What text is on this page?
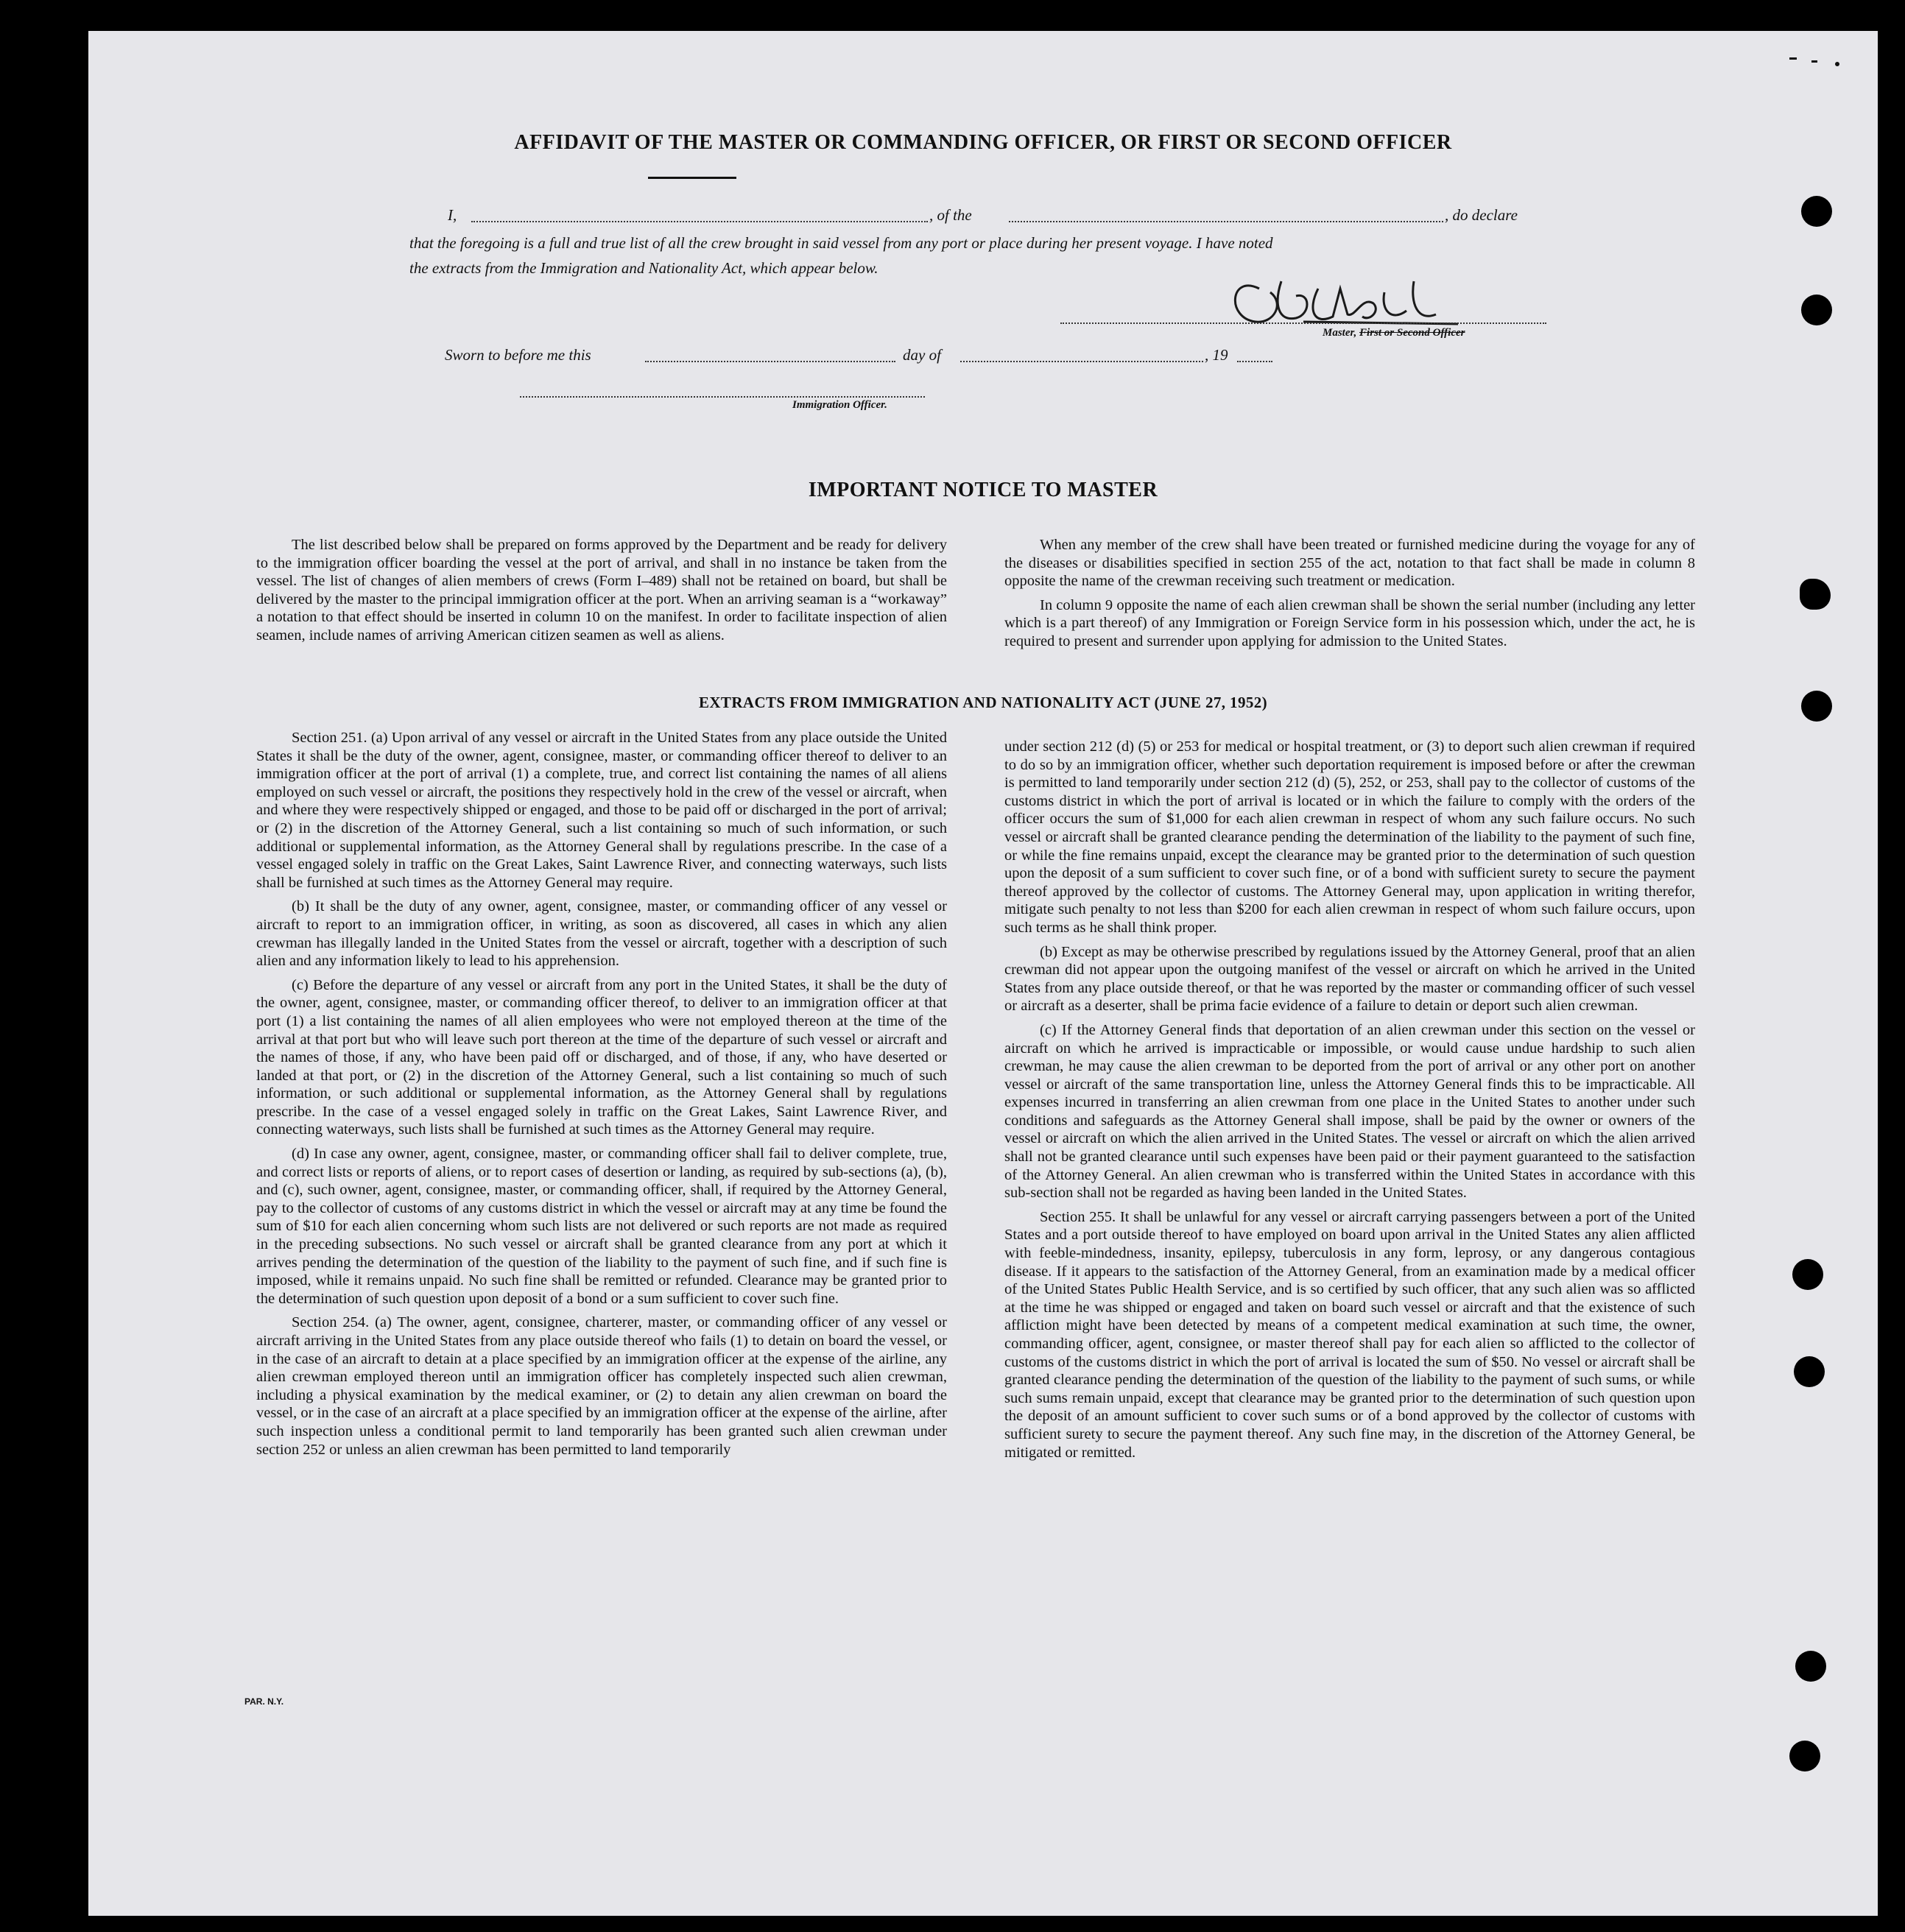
AFFIDAVIT OF THE MASTER OR COMMANDING OFFICER, OR FIRST OR SECOND OFFICER
I,	, of the	, do declare
that the foregoing is a full and true list of all the crew brought in said vessel from any port or place during her present voyage. I have noted
the extracts from the Immigration and Nationality Act, which appear below.
Master, First or Second Officer
Sworn to before me this	day of	, 19
Immigration Officer.
IMPORTANT NOTICE TO MASTER

The list described below shall be prepared on forms approved by the Department and be ready for delivery to the immigration officer boarding the vessel at the port of arrival, and shall in no instance be taken from the vessel. The list of changes of alien members of crews (Form I–489) shall not be retained on board, but shall be delivered by the master to the principal immigration officer at the port. When an arriving seaman is a “workaway” a notation to that effect should be inserted in column 10 on the manifest. In order to facilitate inspection of alien seamen, include names of arriving American citizen seamen as well as aliens.

When any member of the crew shall have been treated or furnished medicine during the voyage for any of the diseases or disabilities specified in section 255 of the act, notation to that fact shall be made in column 8 opposite the name of the crewman receiving such treatment or medication.

In column 9 opposite the name of each alien crewman shall be shown the serial number (including any letter which is a part thereof) of any Immigration or Foreign Service form in his possession which, under the act, he is required to present and surrender upon applying for admission to the United States.

EXTRACTS FROM IMMIGRATION AND NATIONALITY ACT (JUNE 27, 1952)

Section 251. (a) Upon arrival of any vessel or aircraft in the United States from any place outside the United States it shall be the duty of the owner, agent, consignee, master, or commanding officer thereof to deliver to an immigration officer at the port of arrival (1) a complete, true, and correct list containing the names of all aliens employed on such vessel or aircraft, the positions they respectively hold in the crew of the vessel or aircraft, when and where they were respectively shipped or engaged, and those to be paid off or discharged in the port of arrival; or (2) in the discretion of the Attorney General, such a list containing so much of such information, or such additional or supplemental information, as the Attorney General shall by regulations prescribe. In the case of a vessel engaged solely in traffic on the Great Lakes, Saint Lawrence River, and connecting waterways, such lists shall be furnished at such times as the Attorney General may require.

(b) It shall be the duty of any owner, agent, consignee, master, or commanding officer of any vessel or aircraft to report to an immigration officer, in writing, as soon as discovered, all cases in which any alien crewman has illegally landed in the United States from the vessel or aircraft, together with a description of such alien and any information likely to lead to his apprehension.

(c) Before the departure of any vessel or aircraft from any port in the United States, it shall be the duty of the owner, agent, consignee, master, or commanding officer thereof, to deliver to an immigration officer at that port (1) a list containing the names of all alien employees who were not employed thereon at the time of the arrival at that port but who will leave such port thereon at the time of the departure of such vessel or aircraft and the names of those, if any, who have been paid off or discharged, and of those, if any, who have deserted or landed at that port, or (2) in the discretion of the Attorney General, such a list containing so much of such information, or such additional or supplemental information, as the Attorney General shall by regulations prescribe. In the case of a vessel engaged solely in traffic on the Great Lakes, Saint Lawrence River, and connecting waterways, such lists shall be furnished at such times as the Attorney General may require.

(d) In case any owner, agent, consignee, master, or commanding officer shall fail to deliver complete, true, and correct lists or reports of aliens, or to report cases of desertion or landing, as required by sub-sections (a), (b), and (c), such owner, agent, consignee, master, or commanding officer, shall, if required by the Attorney General, pay to the collector of customs of any customs district in which the vessel or aircraft may at any time be found the sum of $10 for each alien concerning whom such lists are not delivered or such reports are not made as required in the preceding subsections. No such vessel or aircraft shall be granted clearance from any port at which it arrives pending the determination of the question of the liability to the payment of such fine, and if such fine is imposed, while it remains unpaid. No such fine shall be remitted or refunded. Clearance may be granted prior to the determination of such question upon deposit of a bond or a sum sufficient to cover such fine.

Section 254. (a) The owner, agent, consignee, charterer, master, or commanding officer of any vessel or aircraft arriving in the United States from any place outside thereof who fails (1) to detain on board the vessel, or in the case of an aircraft to detain at a place specified by an immigration officer at the expense of the airline, any alien crewman employed thereon until an immigration officer has completely inspected such alien crewman, including a physical examination by the medical examiner, or (2) to detain any alien crewman on board the vessel, or in the case of an aircraft at a place specified by an immigration officer at the expense of the airline, after such inspection unless a conditional permit to land temporarily has been granted such alien crewman under section 252 or unless an alien crewman has been permitted to land temporarily

under section 212 (d) (5) or 253 for medical or hospital treatment, or (3) to deport such alien crewman if required to do so by an immigration officer, whether such deportation requirement is imposed before or after the crewman is permitted to land temporarily under section 212 (d) (5), 252, or 253, shall pay to the collector of customs of the customs district in which the port of arrival is located or in which the failure to comply with the orders of the officer occurs the sum of $1,000 for each alien crewman in respect of whom any such failure occurs. No such vessel or aircraft shall be granted clearance pending the determination of the liability to the payment of such fine, or while the fine remains unpaid, except the clearance may be granted prior to the determination of such question upon the deposit of a sum sufficient to cover such fine, or of a bond with sufficient surety to secure the payment thereof approved by the collector of customs. The Attorney General may, upon application in writing therefor, mitigate such penalty to not less than $200 for each alien crewman in respect of whom such failure occurs, upon such terms as he shall think proper.

(b) Except as may be otherwise prescribed by regulations issued by the Attorney General, proof that an alien crewman did not appear upon the outgoing manifest of the vessel or aircraft on which he arrived in the United States from any place outside thereof, or that he was reported by the master or commanding officer of such vessel or aircraft as a deserter, shall be prima facie evidence of a failure to detain or deport such alien crewman.

(c) If the Attorney General finds that deportation of an alien crewman under this section on the vessel or aircraft on which he arrived is impracticable or impossible, or would cause undue hardship to such alien crewman, he may cause the alien crewman to be deported from the port of arrival or any other port on another vessel or aircraft of the same transportation line, unless the Attorney General finds this to be impracticable. All expenses incurred in transferring an alien crewman from one place in the United States to another under such conditions and safeguards as the Attorney General shall impose, shall be paid by the owner or owners of the vessel or aircraft on which the alien arrived in the United States. The vessel or aircraft on which the alien arrived shall not be granted clearance until such expenses have been paid or their payment guaranteed to the satisfaction of the Attorney General. An alien crewman who is transferred within the United States in accordance with this sub-section shall not be regarded as having been landed in the United States.

Section 255. It shall be unlawful for any vessel or aircraft carrying passengers between a port of the United States and a port outside thereof to have employed on board upon arrival in the United States any alien afflicted with feeble-mindedness, insanity, epilepsy, tuberculosis in any form, leprosy, or any dangerous contagious disease. If it appears to the satisfaction of the Attorney General, from an examination made by a medical officer of the United States Public Health Service, and is so certified by such officer, that any such alien was so afflicted at the time he was shipped or engaged and taken on board such vessel or aircraft and that the existence of such affliction might have been detected by means of a competent medical examination at such time, the owner, commanding officer, agent, consignee, or master thereof shall pay for each alien so afflicted to the collector of customs of the customs district in which the port of arrival is located the sum of $50. No vessel or aircraft shall be granted clearance pending the determination of the question of the liability to the payment of such sums, or while such sums remain unpaid, except that clearance may be granted prior to the determination of such question upon the deposit of an amount sufficient to cover such sums or of a bond approved by the collector of customs with sufficient surety to secure the payment thereof. Any such fine may, in the discretion of the Attorney General, be mitigated or remitted.

PAR. N.Y.
